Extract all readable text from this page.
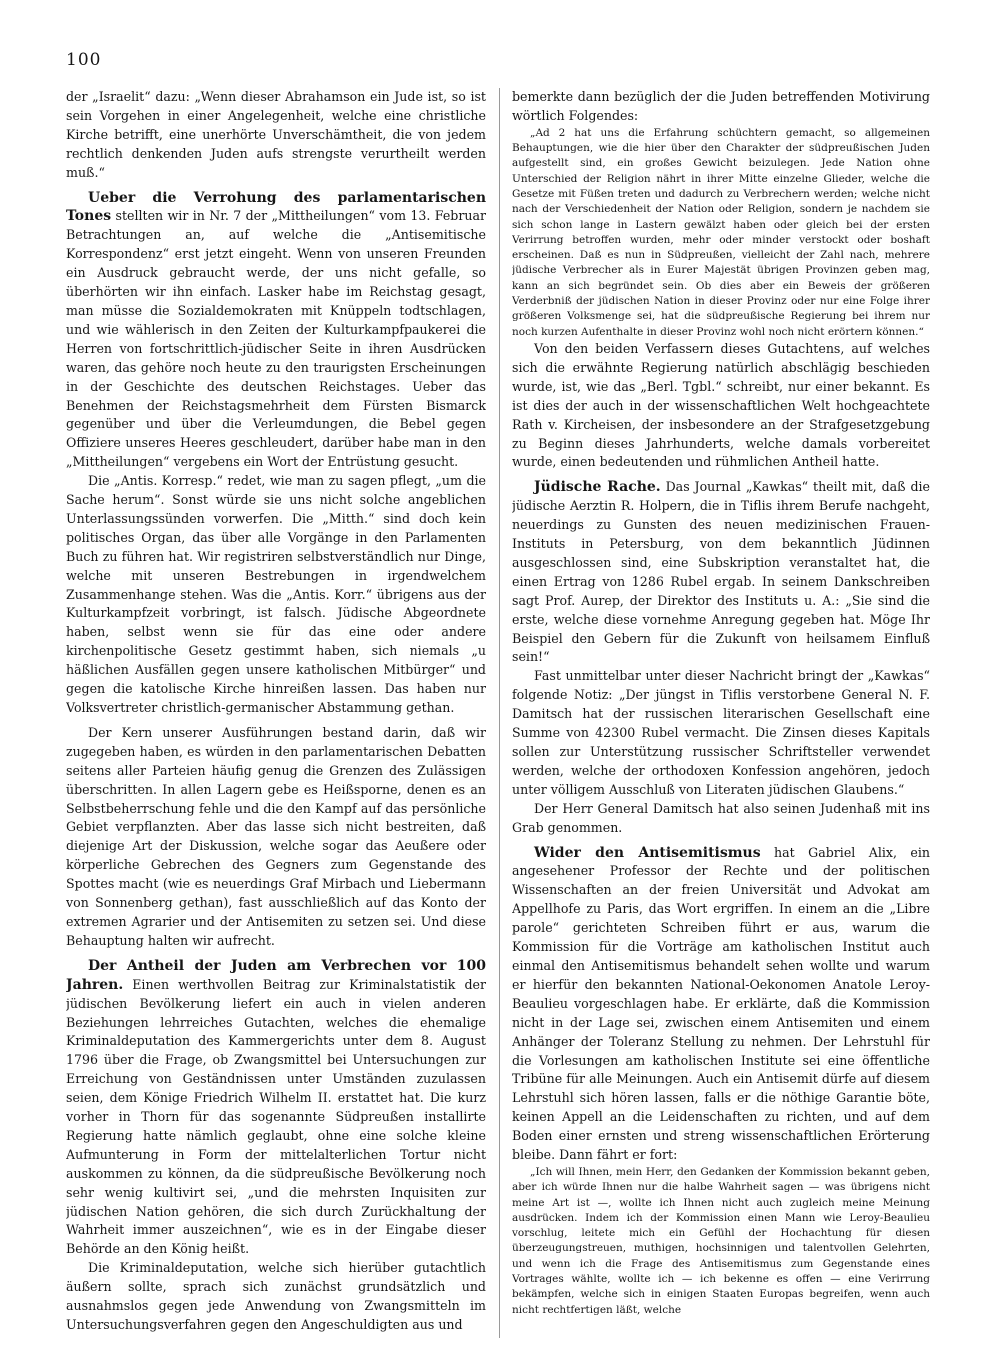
100

der „Israelit“ dazu: „Wenn dieser Abrahamson ein Jude ist, so ist sein Vorgehen in einer Angelegenheit, welche eine christliche Kirche betrifft, eine unerhörte Unverschämtheit, die von jedem rechtlich denkenden Juden aufs strengste verurtheilt werden muß.“

Ueber die Verrohung des parlamentarischen Tones stellten wir in Nr. 7 der „Mittheilungen“ vom 13. Februar Betrachtungen an, auf welche die „Antisemitische Korrespondenz“ erst jetzt eingeht. Wenn von unseren Freunden ein Ausdruck gebraucht werde, der uns nicht gefalle, so überhörten wir ihn einfach. Lasker habe im Reichstag gesagt, man müsse die Sozialdemokraten mit Knüppeln todtschlagen, und wie wählerisch in den Zeiten der Kulturkampfpaukerei die Herren von fortschrittlich-jüdischer Seite in ihren Ausdrücken waren, das gehöre noch heute zu den traurigsten Erscheinungen in der Geschichte des deutschen Reichstages. Ueber das Benehmen der Reichstagsmehrheit dem Fürsten Bismarck gegenüber und über die Verleumdungen, die Bebel gegen Offiziere unseres Heeres geschleudert, darüber habe man in den „Mittheilungen“ vergebens ein Wort der Entrüstung gesucht.

Die „Antis. Korresp.“ redet, wie man zu sagen pflegt, „um die Sache herum“. Sonst würde sie uns nicht solche angeblichen Unterlassungssünden vorwerfen. Die „Mitth.“ sind doch kein politisches Organ, das über alle Vorgänge in den Parlamenten Buch zu führen hat. Wir registriren selbstverständlich nur Dinge, welche mit unseren Bestrebungen in irgendwelchem Zusammenhange stehen. Was die „Antis. Korr.“ übrigens aus der Kulturkampfzeit vorbringt, ist falsch. Jüdische Abgeordnete haben, selbst wenn sie für das eine oder andere kirchenpolitische Gesetz gestimmt haben, sich niemals „u häßlichen Ausfällen gegen unsere katholischen Mitbürger“ und gegen die katolische Kirche hinreißen lassen. Das haben nur Volksvertreter christlich-germanischer Abstammung gethan.

Der Kern unserer Ausführungen bestand darin, daß wir zugegeben haben, es würden in den parlamentarischen Debatten seitens aller Parteien häufig genug die Grenzen des Zulässigen überschritten. In allen Lagern gebe es Heißsporne, denen es an Selbstbeherrschung fehle und die den Kampf auf das persönliche Gebiet verpflanzten. Aber das lasse sich nicht bestreiten, daß diejenige Art der Diskussion, welche sogar das Aeußere oder körperliche Gebrechen des Gegners zum Gegenstande des Spottes macht (wie es neuerdings Graf Mirbach und Liebermann von Sonnenberg gethan), fast ausschließlich auf das Konto der extremen Agrarier und der Antisemiten zu setzen sei. Und diese Behauptung halten wir aufrecht.

Der Antheil der Juden am Verbrechen vor 100 Jahren. Einen werthvollen Beitrag zur Kriminalstatistik der jüdischen Bevölkerung liefert ein auch in vielen anderen Beziehungen lehrreiches Gutachten, welches die ehemalige Kriminaldeputation des Kammergerichts unter dem 8. August 1796 über die Frage, ob Zwangsmittel bei Untersuchungen zur Erreichung von Geständnissen unter Umständen zuzulassen seien, dem Könige Friedrich Wilhelm II. erstattet hat. Die kurz vorher in Thorn für das sogenannte Südpreußen installirte Regierung hatte nämlich geglaubt, ohne eine solche kleine Aufmunterung in Form der mittelalterlichen Tortur nicht auskommen zu können, da die südpreußische Bevölkerung noch sehr wenig kultivirt sei, „und die mehrsten Inquisiten zur jüdischen Nation gehören, die sich durch Zurückhaltung der Wahrheit immer auszeichnen“, wie es in der Eingabe dieser Behörde an den König heißt.

Die Kriminaldeputation, welche sich hierüber gutachtlich äußern sollte, sprach sich zunächst grundsätzlich und ausnahmslos gegen jede Anwendung von Zwangsmitteln im Untersuchungsverfahren gegen den Angeschuldigten aus und

bemerkte dann bezüglich der die Juden betreffenden Motivirung wörtlich Folgendes:

„Ad 2 hat uns die Erfahrung schüchtern gemacht, so allgemeinen Behauptungen, wie die hier über den Charakter der südpreußischen Juden aufgestellt sind, ein großes Gewicht beizulegen. Jede Nation ohne Unterschied der Religion nährt in ihrer Mitte einzelne Glieder, welche die Gesetze mit Füßen treten und dadurch zu Verbrechern werden; welche nicht nach der Verschiedenheit der Nation oder Religion, sondern je nachdem sie sich schon lange in Lastern gewälzt haben oder gleich bei der ersten Verirrung betroffen wurden, mehr oder minder verstockt oder boshaft erscheinen. Daß es nun in Südpreußen, vielleicht der Zahl nach, mehrere jüdische Verbrecher als in Eurer Majestät übrigen Provinzen geben mag, kann an sich begründet sein. Ob dies aber ein Beweis der größeren Verderbniß der jüdischen Nation in dieser Provinz oder nur eine Folge ihrer größeren Volksmenge sei, hat die südpreußische Regierung bei ihrem nur noch kurzen Aufenthalte in dieser Provinz wohl noch nicht erörtern können.“

Von den beiden Verfassern dieses Gutachtens, auf welches sich die erwähnte Regierung natürlich abschlägig beschieden wurde, ist, wie das „Berl. Tgbl.“ schreibt, nur einer bekannt. Es ist dies der auch in der wissenschaftlichen Welt hochgeachtete Rath v. Kircheisen, der insbesondere an der Strafgesetzgebung zu Beginn dieses Jahrhunderts, welche damals vorbereitet wurde, einen bedeutenden und rühmlichen Antheil hatte.

Jüdische Rache. Das Journal „Kawkas“ theilt mit, daß die jüdische Aerztin R. Holpern, die in Tiflis ihrem Berufe nachgeht, neuerdings zu Gunsten des neuen medizinischen Frauen-Instituts in Petersburg, von dem bekanntlich Jüdinnen ausgeschlossen sind, eine Subskription veranstaltet hat, die einen Ertrag von 1286 Rubel ergab. In seinem Dankschreiben sagt Prof. Aurep, der Direktor des Instituts u. A.: „Sie sind die erste, welche diese vornehme Anregung gegeben hat. Möge Ihr Beispiel den Gebern für die Zukunft von heilsamem Einfluß sein!“

Fast unmittelbar unter dieser Nachricht bringt der „Kawkas“ folgende Notiz: „Der jüngst in Tiflis verstorbene General N. F. Damitsch hat der russischen literarischen Gesellschaft eine Summe von 42300 Rubel vermacht. Die Zinsen dieses Kapitals sollen zur Unterstützung russischer Schriftsteller verwendet werden, welche der orthodoxen Konfession angehören, jedoch unter völligem Ausschluß von Literaten jüdischen Glaubens.“

Der Herr General Damitsch hat also seinen Judenhaß mit ins Grab genommen.

Wider den Antisemitismus hat Gabriel Alix, ein angesehener Professor der Rechte und der politischen Wissenschaften an der freien Universität und Advokat am Appellhofe zu Paris, das Wort ergriffen. In einem an die „Libre parole“ gerichteten Schreiben führt er aus, warum die Kommission für die Vorträge am katholischen Institut auch einmal den Antisemitismus behandelt sehen wollte und warum er hierfür den bekannten National-Oekonomen Anatole Leroy-Beaulieu vorgeschlagen habe. Er erklärte, daß die Kommission nicht in der Lage sei, zwischen einem Antisemiten und einem Anhänger der Toleranz Stellung zu nehmen. Der Lehrstuhl für die Vorlesungen am katholischen Institute sei eine öffentliche Tribüne für alle Meinungen. Auch ein Antisemit dürfe auf diesem Lehrstuhl sich hören lassen, falls er die nöthige Garantie böte, keinen Appell an die Leidenschaften zu richten, und auf dem Boden einer ernsten und streng wissenschaftlichen Erörterung bleibe. Dann fährt er fort:

„Ich will Ihnen, mein Herr, den Gedanken der Kommission bekannt geben, aber ich würde Ihnen nur die halbe Wahrheit sagen — was übrigens nicht meine Art ist —, wollte ich Ihnen nicht auch zugleich meine Meinung ausdrücken. Indem ich der Kommission einen Mann wie Leroy-Beaulieu vorschlug, leitete mich ein Gefühl der Hochachtung für diesen überzeugungstreuen, muthigen, hochsinnigen und talentvollen Gelehrten, und wenn ich die Frage des Antisemitismus zum Gegenstande eines Vortrages wählte, wollte ich — ich bekenne es offen — eine Verirrung bekämpfen, welche sich in einigen Staaten Europas begreifen, wenn auch nicht rechtfertigen läßt, welche
